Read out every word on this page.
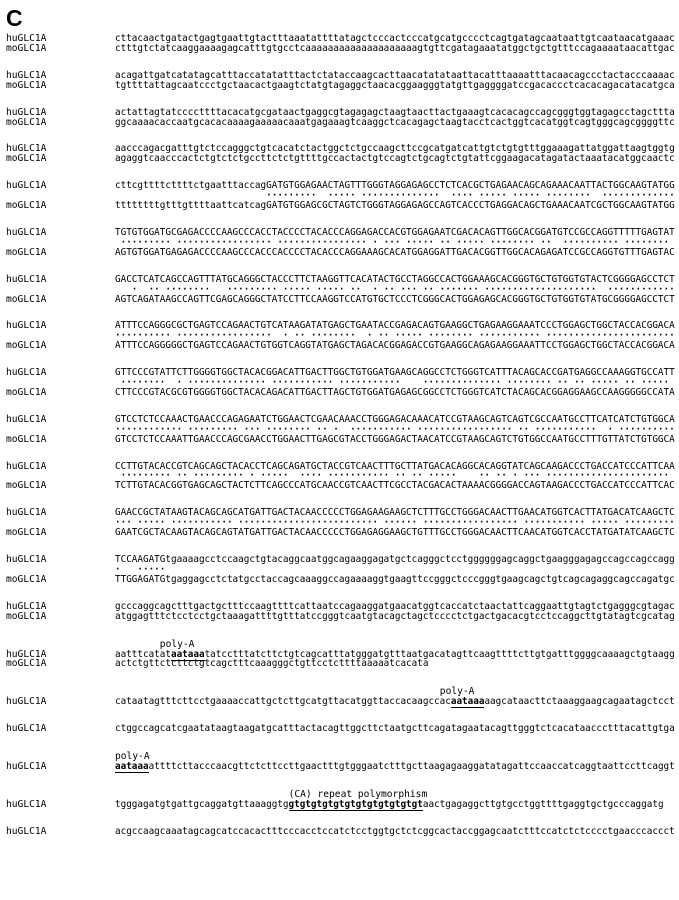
C
huGLC1A	cttacaactgatactgagtgaattgtactttaaatattttatagctcccactcccatgcatgcccctcagtgatagcaataattgtcaataacatgaaac
moGLC1A	ctttgtctatcaaggaaaagagcatttgtgcctcaaaaaaaaaaaaaaaaaaaagtgttcgatagaaatatggctgctgtttccagaaaataacattgac
huGLC1A	acagattgatcatatagcatttaccatatatttactctataccaagcacttaacatatataattacatttaaaatttacaacagccctactacccaaaac
moGLC1A	tgttttattagcaatccctgctaacactgaagtctatgtagaggctaacacggaagggtatgttgaggggatccgacaccctcacacagacatacatgca
huGLC1A	actattagtatccccttttacacatgcgataactgaggcgtagagagctaagtaacttactgaaagtcacacagccagcgggtggtagagcctagcttta
moGLC1A	ggcaaaacaccaatgcacacaaaagaaaaacaaatgagaaagtcaaggctcacagagctaagtacctcactggtcacatggtcagtgggcagcggggttc
huGLC1A	aacccagacgatttgtctccagggctgtcacatctactggctctgccaagcttccgcatgatcattgtctgtgtttggaaagattatggattaagtggtg
moGLC1A	agaggtcaacccactctgtctctgccttctctgttttgccactactgtccagtctgcagtctgtattcggaagacatagatactaaatacatggcaactc
huGLC1A	cttcgttttcttttctgaatttaccagGATGTGGAGAACTAGTTTGGGTAGGAGAGCCTCTCACGCTGAGAACAGCAGAAACAATTACTGGCAAGTATGG
·········  ····· ··············  ···· ····· ····· ········  ·············
moGLC1A	ttttttttgtttgttttaattcatcagGATGTGGAGCGCTAGTCTGGGTAGGAGAGCCAGTCACCCTGAGGACAGCTGAAACAATCGCTGGCAAGTATGG
huGLC1A	TGTGTGGATGCGAGACCCCAAGCCCACCTACCCCTACACCCAGGAGACCACGTGGAGAATCGACACAGTTGGCACGGATGTCCGCCAGGTTTTTGAGTAT
········· ················· ················ · ··· ····· ·· ····· ········ ··  ·········· ········
moGLC1A	AGTGTGGATGAGAGACCCCAAGCCCACCCACCCCTACACCCAGGAAAGCACATGGAGGATTGACACGGTTGGCACAGAGATCCGCCAGGTGTTTGAGTAC
huGLC1A	GACCTCATCAGCCAGTTTATGCAGGGCTACCCTTCTAAGGTTCACATACTGCCTAGGCCACTGGAAAGCACGGGTGCTGTGGTGTACTCGGGGAGCCTCT
·  ·· ········   ········· ····· ····· ··  · ·· ··· ·· ······· ····················  ············
moGLC1A	AGTCAGATAAGCCAGTTCGAGCAGGGCTATCCTTCCAAGGTCCATGTGCTCCCTCGGGCACTGGAGAGCACGGGTGCTGTGGTGTATGCGGGGAGCCTCT
huGLC1A	ATTTCCAGGGCGCTGAGTCCAGAACTGTCATAAGATATGAGCTGAATACCGAGACAGTGAAGGCTGAGAAGGAAATCCCTGGAGCTGGCTACCACGGACA
·········· ·················  · ·· ········  · ·· ····· ········ ··········· ·······················
moGLC1A	ATTTCCAGGGGGCTGAGTCCAGAACTGTGGTCAGGTATGAGCTAGACACGGAGACCGTGAAGGCAGAGAAGGAAATTCCTGGAGCTGGCTACCACGGACA
huGLC1A	GTTCCCGTATTCTTGGGGTGGCTACACGGACATTGACTTGGCTGTGGATGAAGCAGGCCTCTGGGTCATTTACAGCACCGATGAGGCCAAAGGTGCCATT
········  · ·············· ··········· ···········    ·············· ········ ·· ·· ····· ·· ·····
moGLC1A	CTTCCCGTACGCGTGGGGTGGCTACACAGACATTGACTTAGCTGTGGATGAGAGCGGCCTCTGGGTCATCTACAGCACGGAGGAAGCCAAGGGGGCCATA
huGLC1A	GTCCTCTCCAAACTGAACCCAGAGAATCTGGAACTCGAACAAACCTGGGAGACAAACATCCGTAAGCAGTCAGTCGCCAATGCCTTCATCATCTGTGGCA
············ ········· ··· ········ ·· ·  ··········· ················· ·· ···········  · ··········
moGLC1A	GTCCTCTCCAAATTGAACCCAGCGAACCTGGAACTTGAGCGTACCTGGGAGACTAACATCCGTAAGCAGTCTGTGGCCAATGCCTTTGTTATCTGTGGCA
huGLC1A	CCTTGTACACCGTCAGCAGCTACACCTCAGCAGATGCTACCGTCAACTTTGCTTATGACACAGGCACAGGTATCAGCAAGACCCTGACCATCCCATTCAA
········· ·· ········· · ·····  ···· ··········· ·· ·· ·····    ·· ·· · ··· ······················
moGLC1A	TCTTGTACACGGTGAGCAGCTACTCTTCAGCCCATGCAACCGTCAACTTCGCCTACGACACTAAAACGGGGACCAGTAAGACCCTGACCATCCCATTCAC
huGLC1A	GAACCGCTATAAGTACAGCAGCATGATTGACTACAACCCCCTGGAGAAGAAGCTCTTTGCCTGGGACAACTTGAACATGGTCACTTATGACATCAAGCTC
··· ····· ··········· ························· ······ ················· ··········· ····· ·········
moGLC1A	GAATCGCTACAAGTACAGCAGTATGATTGACTACAACCCCCTGGAGAGGAAGCTGTTTGCCTGGGACAACTTCAACATGGTCACCTATGATATCAAGCTC
huGLC1A	TCCAAGATGtgaaaagcctccaagctgtacaggcaatggcagaaggagatgctcagggctcctggggggagcaggctgaagggagagccagccagccagg
·   ·····
moGLC1A	TTGGAGATGtgaggagcctctatgcctaccagcaaaggccagaaaaggtgaagttccgggctcccgggtgaagcagctgtcagcagaggcagccagatgc
huGLC1A	gcccaggcagctttgactgctttccaagttttcattaatccagaaggatgaacatggtcaccatctaactattcaggaattgtagtctgagggcgtagac
moGLC1A	atggagtttctcctcctgctaaagattttgtttatccgggtcaatgtacagctagctcccctctgactgacacgtcctccaggcttgtatagtcgcatag
poly-A
huGLC1A	aatttcatataataaatatcctttatcttctgtcagcatttatgggatgtttaatgacatagttcaagttttcttgtgatttggggcaaaagctgtaagg
moGLC1A	actctgttctcttctgtcagctttcaaagggctgttcctcttttaaaaatcacata
poly-A
huGLC1A	cataatagtttcttcctgaaaaccattgctcttgcatgttacatggttaccacaagccacaataaaaagcataacttctaaaggaagcagaatagctcct
huGLC1A	ctggccagcatcgaatataagtaagatgcatttactacagttggcttctaatgcttcagatagaatacagttgggtctcacataaccctttacattgtga
poly-A
huGLC1A	aataaaattttcttacccaacgttctcttccttgaactttgtgggaatctttgcttaagagaaggatatagattccaaccatcaggtaattccttcaggt
(CA) repeat polymorphism
huGLC1A	tgggagatgtgattgcaggatgttaaaggtggtgtgtgtgtgtgtgtgtgtgtgtaactgagaggcttgtgcctggttttgaggtgctgcccaggatg
huGLC1A	acgccaagcaaatagcagcatccacactttcccacctccatctcctggtgctctcggcactaccggagcaatctttccatctctcccctgaacccaccct
